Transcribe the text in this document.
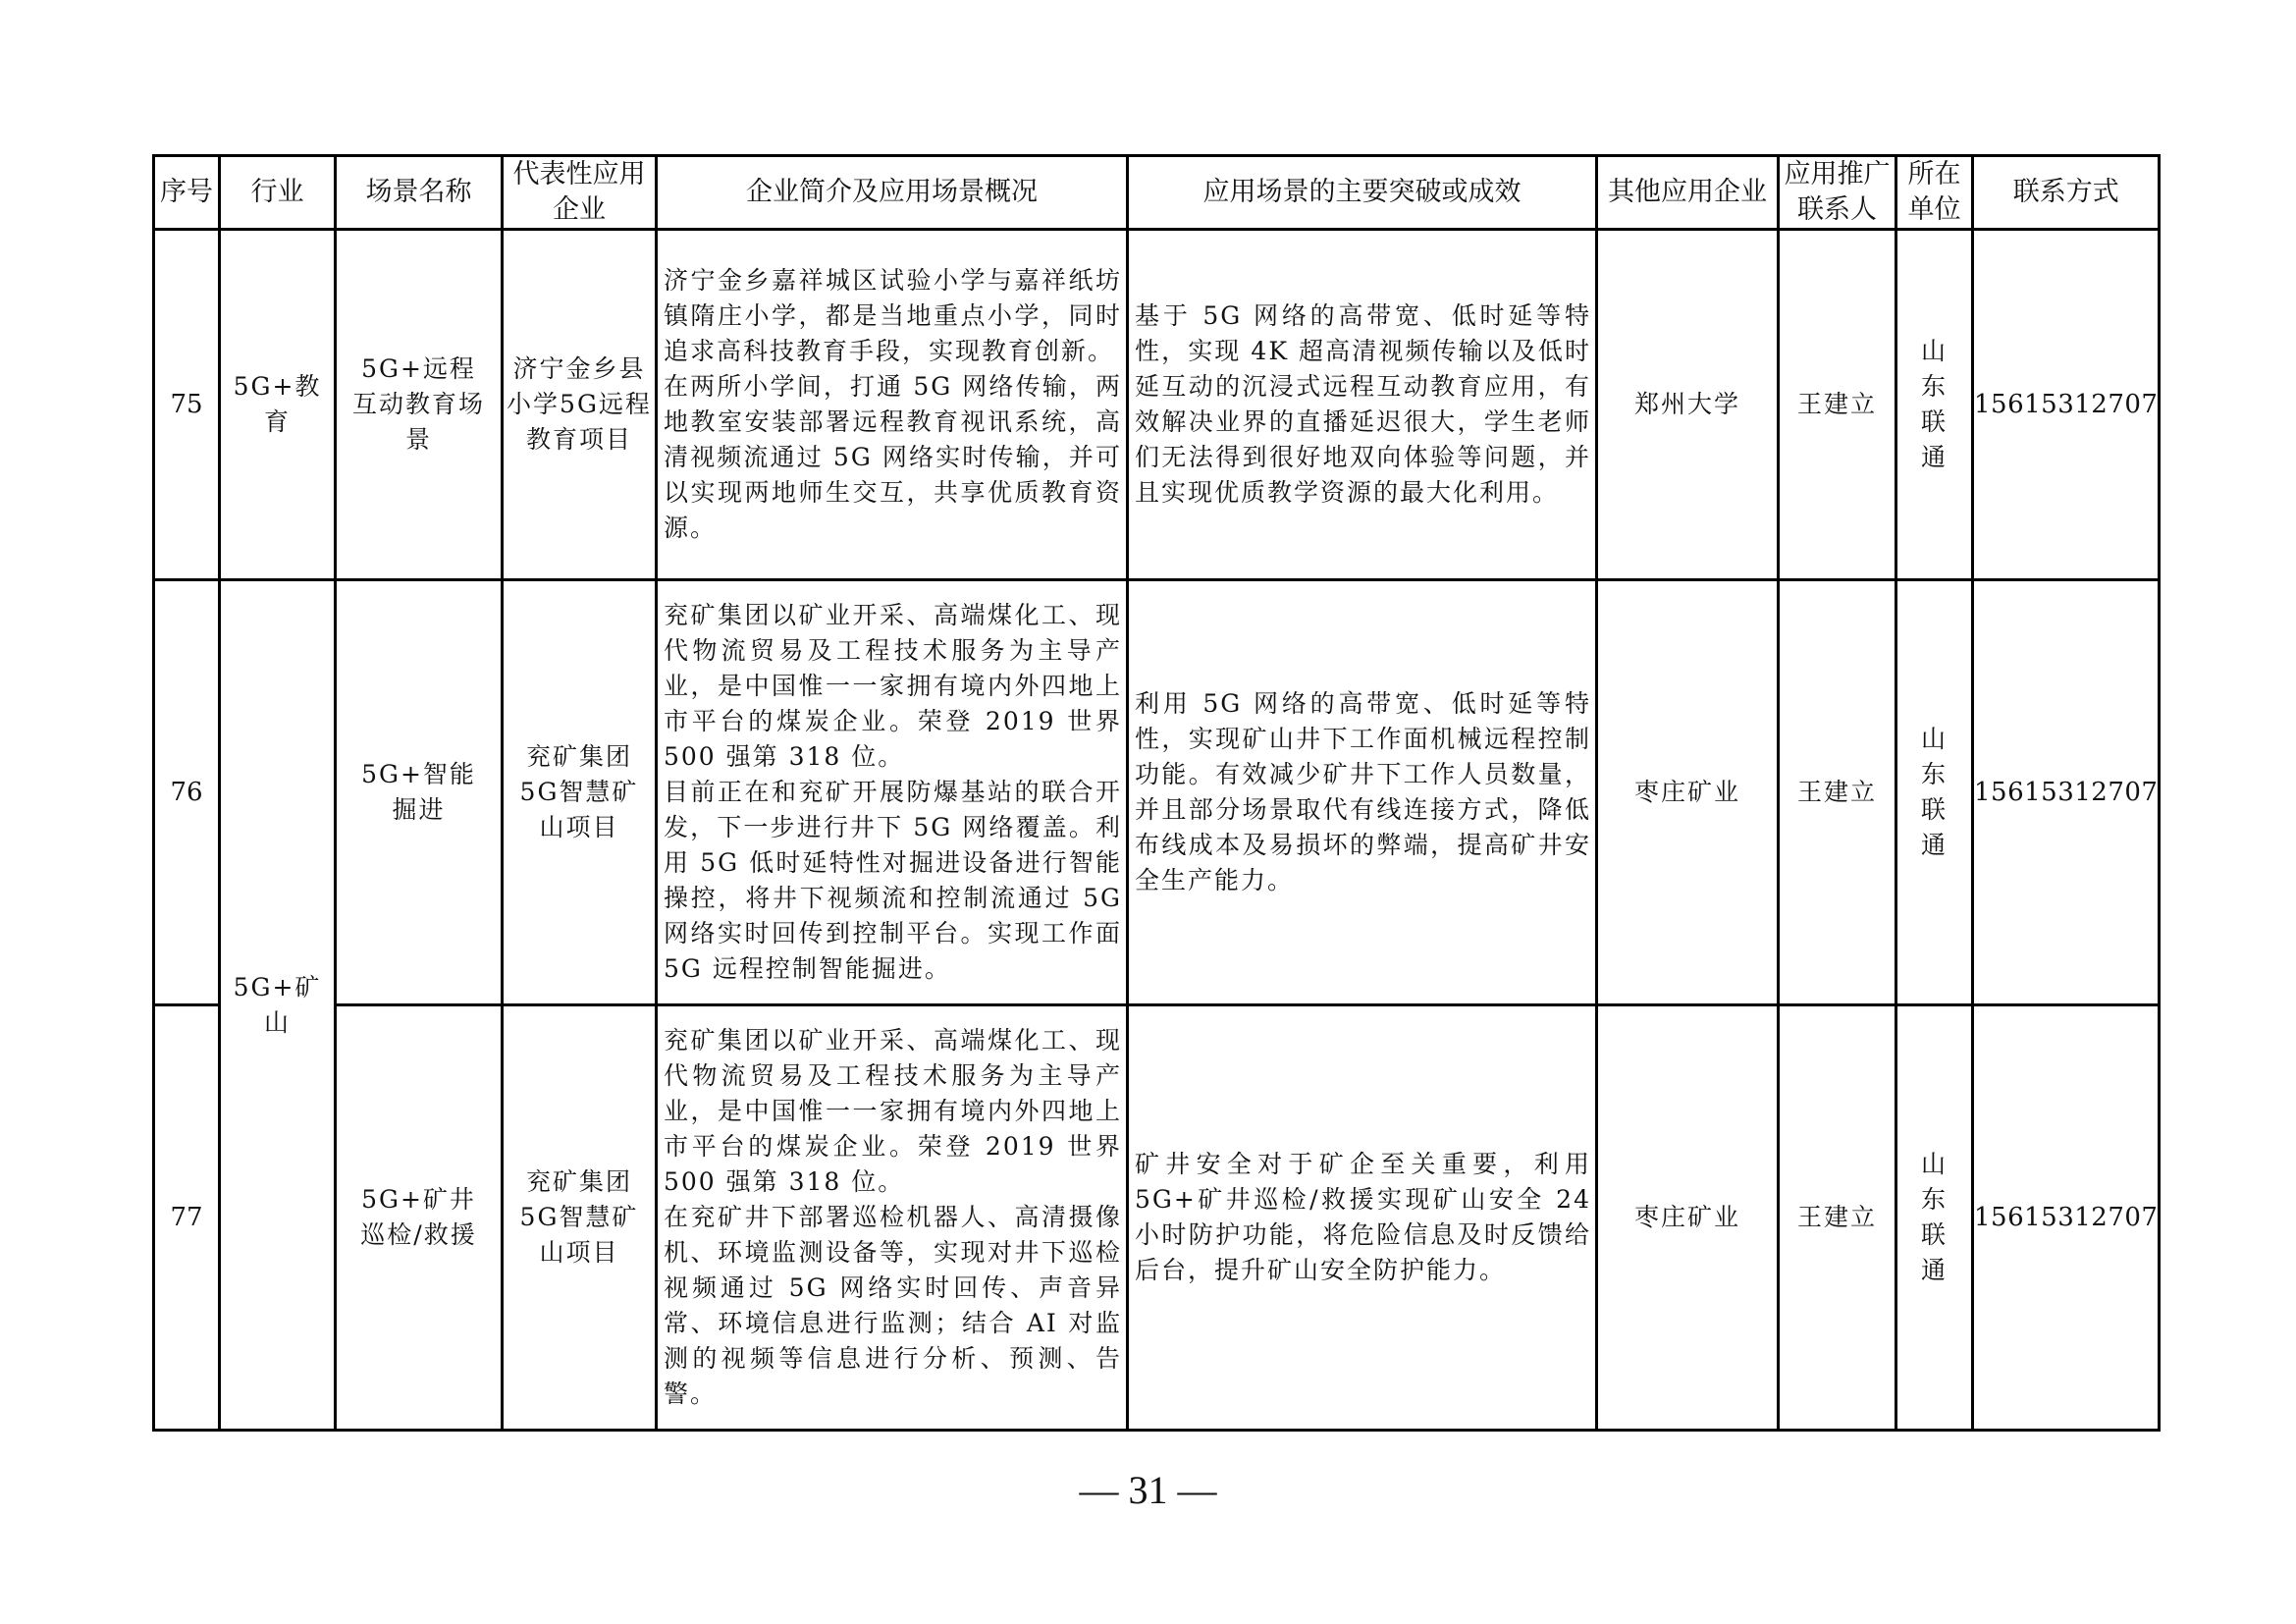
序号	行业	场景名称	代表性应用企业	企业简介及应用场景概况	应用场景的主要突破或成效	其他应用企业	应用推广联系人	所在单位	联系方式
75	5G+教育	5G+远程互动教育场景	济宁金乡县小学5G远程教育项目	济宁金乡嘉祥城区试验小学与嘉祥纸坊镇隋庄小学，都是当地重点小学，同时追求高科技教育手段，实现教育创新。

在两所小学间，打通 5G 网络传输，两地教室安装部署远程教育视讯系统，高清视频流通过 5G 网络实时传输，并可以实现两地师生交互，共享优质教育资源。	基于 5G 网络的高带宽、低时延等特性，实现 4K 超高清视频传输以及低时延互动的沉浸式远程互动教育应用，有效解决业界的直播延迟很大，学生老师们无法得到很好地双向体验等问题，并且实现优质教学资源的最大化利用。	郑州大学	王建立	山东联通	15615312707
76	5G+矿山	5G+智能掘进	兖矿集团5G智慧矿山项目	兖矿集团以矿业开采、高端煤化工、现代物流贸易及工程技术服务为主导产业，是中国惟一一家拥有境内外四地上市平台的煤炭企业。荣登 2019 世界 500 强第 318 位。

目前正在和兖矿开展防爆基站的联合开发，下一步进行井下 5G 网络覆盖。利用 5G 低时延特性对掘进设备进行智能操控，将井下视频流和控制流通过 5G 网络实时回传到控制平台。实现工作面 5G 远程控制智能掘进。	利用 5G 网络的高带宽、低时延等特性，实现矿山井下工作面机械远程控制功能。有效减少矿井下工作人员数量，并且部分场景取代有线连接方式，降低布线成本及易损坏的弊端，提高矿井安全生产能力。	枣庄矿业	王建立	山东联通	15615312707
77		5G+矿井巡检/救援	兖矿集团5G智慧矿山项目	兖矿集团以矿业开采、高端煤化工、现代物流贸易及工程技术服务为主导产业，是中国惟一一家拥有境内外四地上市平台的煤炭企业。荣登 2019 世界 500 强第 318 位。

在兖矿井下部署巡检机器人、高清摄像机、环境监测设备等，实现对井下巡检视频通过 5G 网络实时回传、声音异常、环境信息进行监测；结合 AI 对监测的视频等信息进行分析、预测、告警。	矿井安全对于矿企至关重要，利用5G+矿井巡检/救援实现矿山安全 24 小时防护功能，将危险信息及时反馈给后台，提升矿山安全防护能力。	枣庄矿业	王建立	山东联通	15615312707
— 31 —
